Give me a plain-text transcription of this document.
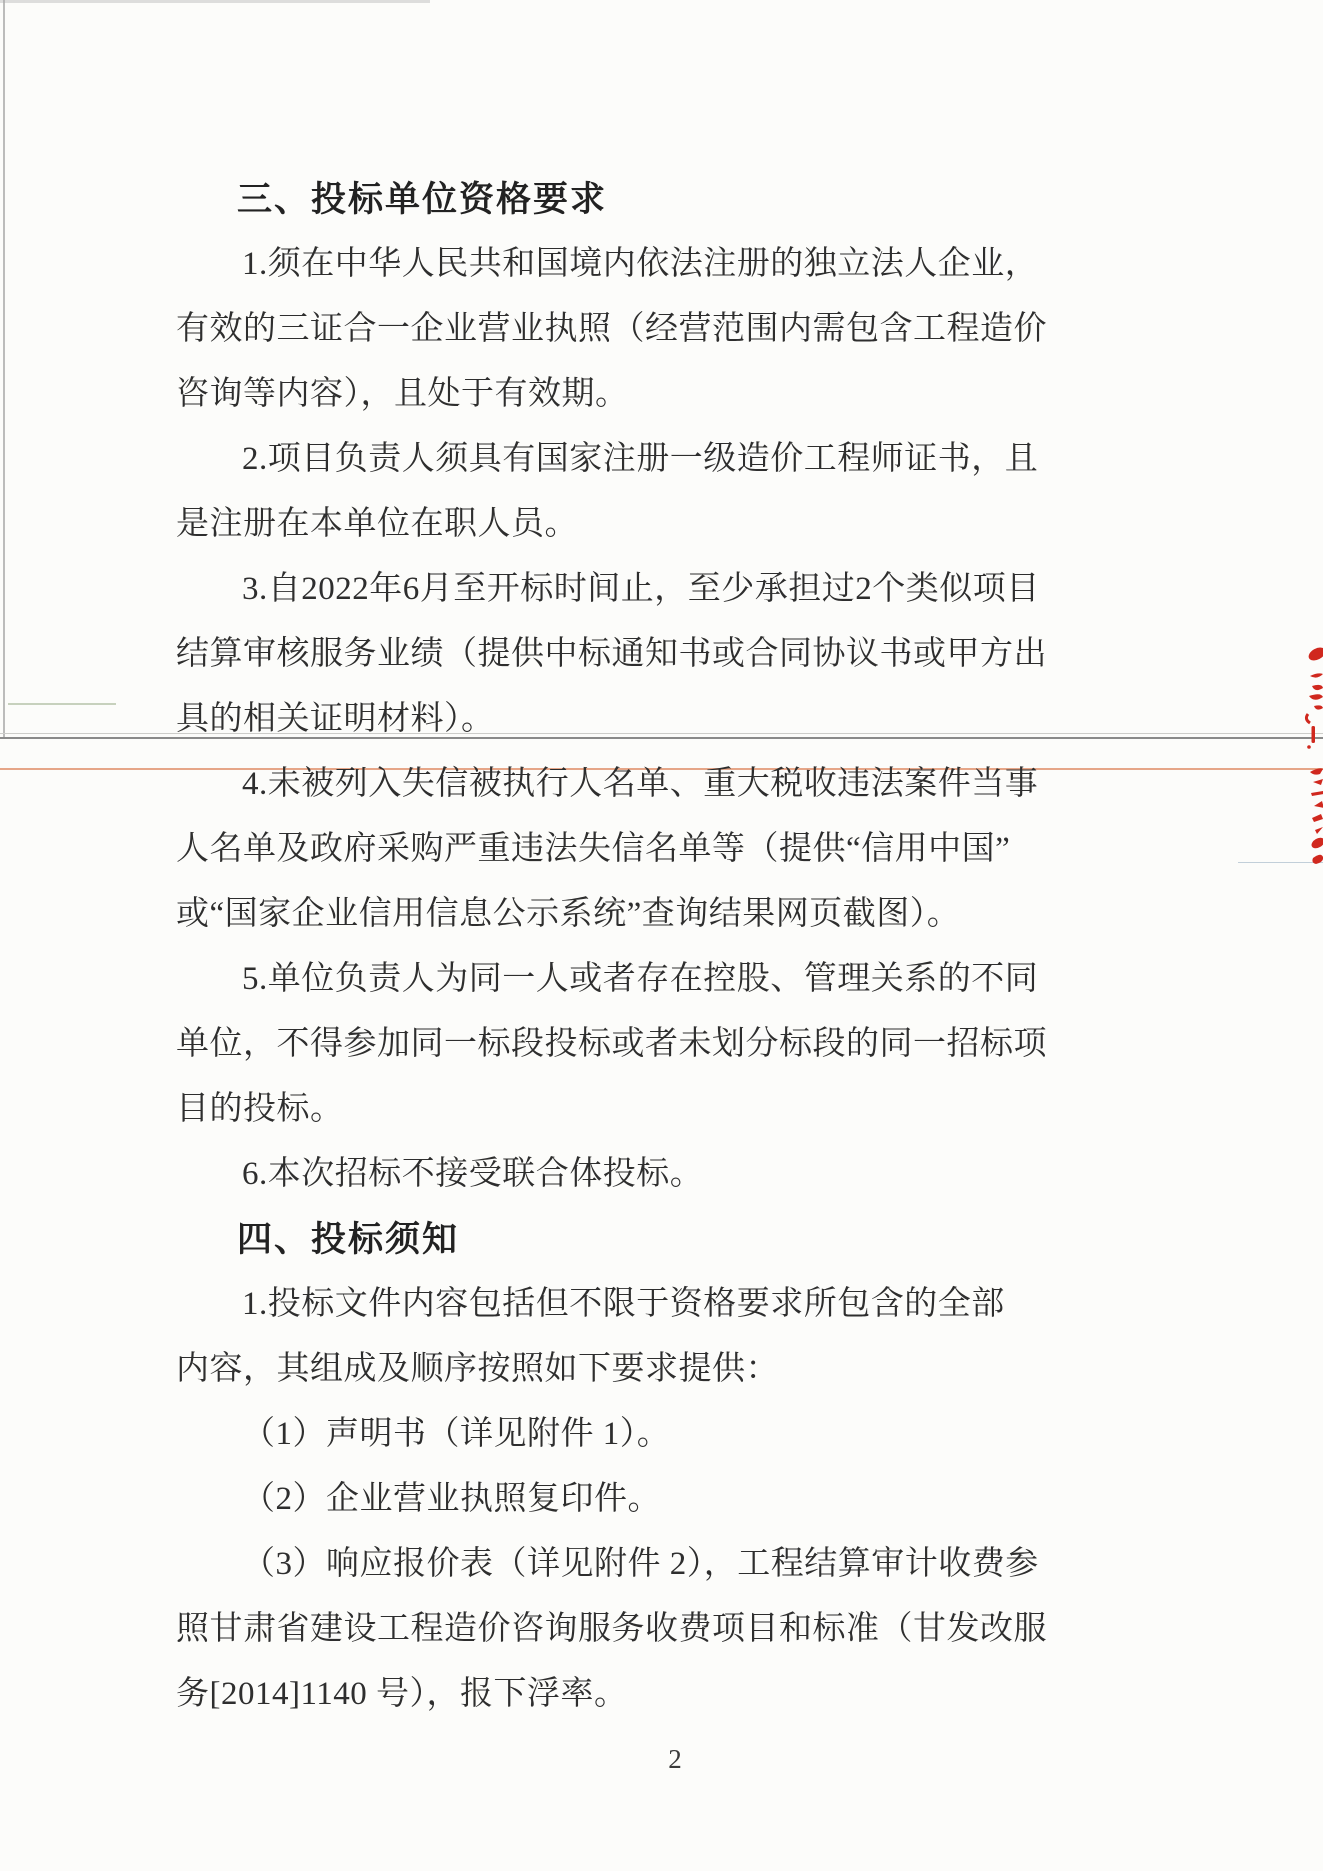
三、投标单位资格要求
1.须在中华人民共和国境内依法注册的独立法人企业，
有效的三证合一企业营业执照（经营范围内需包含工程造价
咨询等内容），且处于有效期。
2.项目负责人须具有国家注册一级造价工程师证书，且
是注册在本单位在职人员。
3.自2022年6月至开标时间止，至少承担过2个类似项目
结算审核服务业绩（提供中标通知书或合同协议书或甲方出
具的相关证明材料）。
4.未被列入失信被执行人名单、重大税收违法案件当事
人名单及政府采购严重违法失信名单等（提供“信用中国”
或“国家企业信用信息公示系统”查询结果网页截图）。
5.单位负责人为同一人或者存在控股、管理关系的不同
单位，不得参加同一标段投标或者未划分标段的同一招标项
目的投标。
6.本次招标不接受联合体投标。
四、投标须知
1.投标文件内容包括但不限于资格要求所包含的全部
内容，其组成及顺序按照如下要求提供：
（1）声明书（详见附件 1）。
（2）企业营业执照复印件。
（3）响应报价表（详见附件 2），工程结算审计收费参
照甘肃省建设工程造价咨询服务收费项目和标准（甘发改服
务[2014]1140 号），报下浮率。
2
